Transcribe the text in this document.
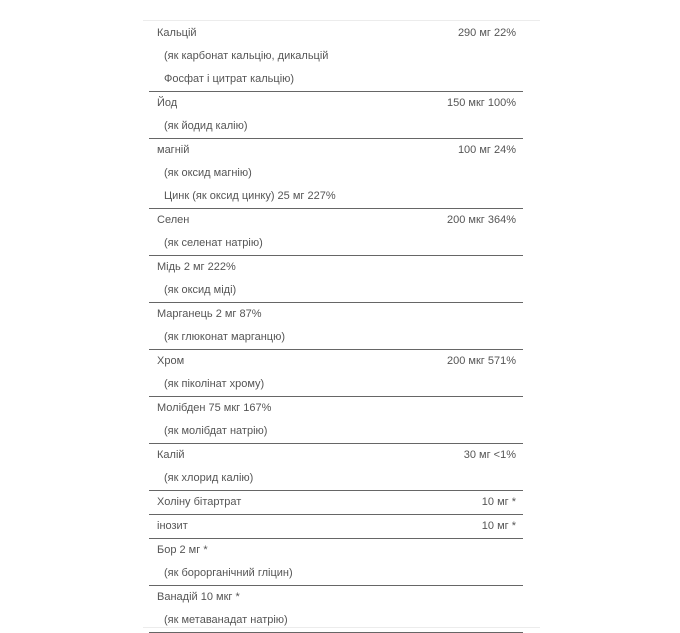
Кальцій	290 мг 22%
(як карбонат кальцію, дикальцій
Фосфат і цитрат кальцію)
Йод	150 мкг 100%
(як йодид калію)
магній	100 мг 24%
(як оксид магнію)
Цинк (як оксид цинку) 25 мг 227%
Селен	200 мкг 364%
(як селенат натрію)
Мідь 2 мг 222%
(як оксид міді)
Марганець 2 мг 87%
(як глюконат марганцю)
Хром	200 мкг 571%
(як піколінат хрому)
Молібден 75 мкг 167%
(як молібдат натрію)
Калій	30 мг <1%
(як хлорид калію)
Холіну бітартрат	10 мг *
інозит	10 мг *
Бор 2 мг *
(як борорганічний гліцин)
Ванадій 10 мкг *
(як метаванадат натрію)
